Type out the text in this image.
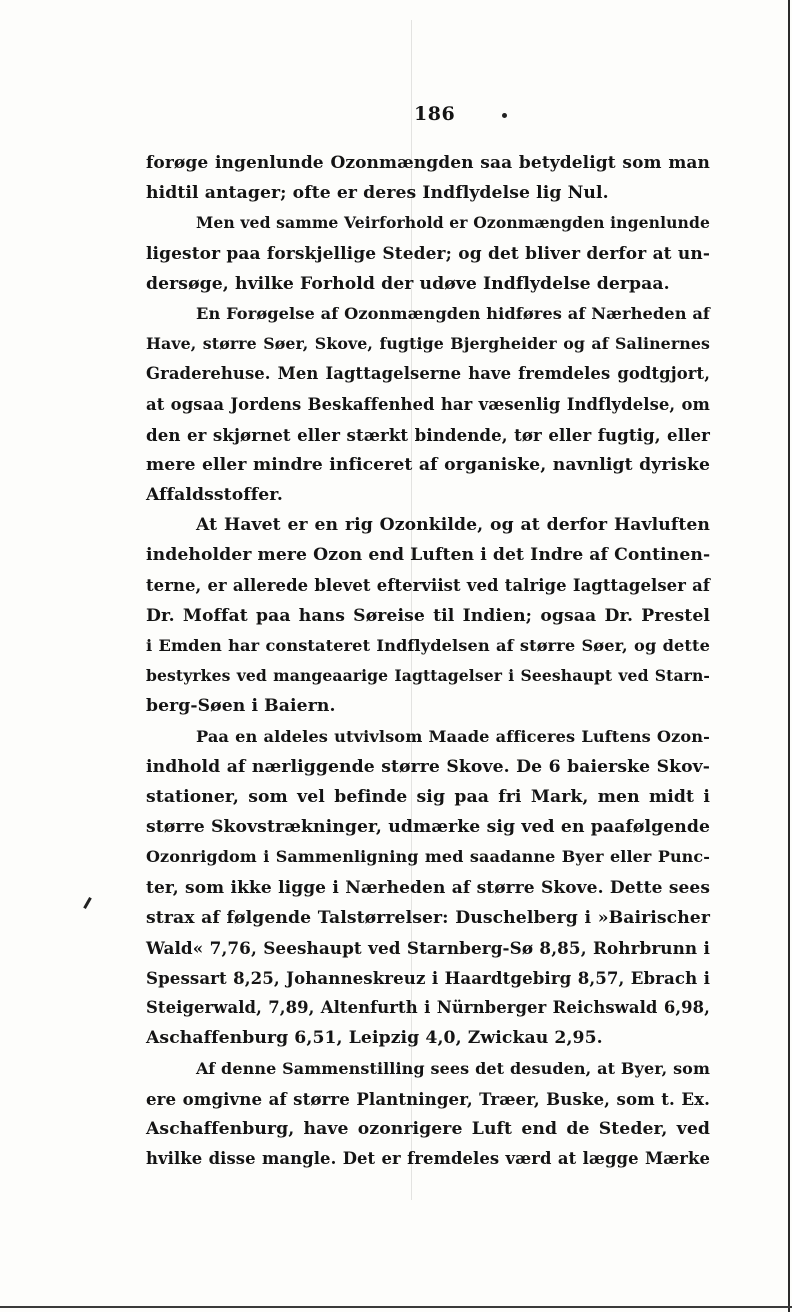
186
forøge ingenlunde Ozonmængden saa betydeligt som man
hidtil antager; ofte er deres Indflydelse lig Nul.
Men ved samme Veirforhold er Ozonmængden ingenlunde
ligestor paa forskjellige Steder; og det bliver derfor at un-
dersøge, hvilke Forhold der udøve Indflydelse derpaa.
En Forøgelse af Ozonmængden hidføres af Nærheden af
Have, større Søer, Skove, fugtige Bjergheider og af Salinernes
Graderehuse. Men Iagttagelserne have fremdeles godtgjort,
at ogsaa Jordens Beskaffenhed har væsenlig Indflydelse, om
den er skjørnet eller stærkt bindende, tør eller fugtig, eller
mere eller mindre inficeret af organiske, navnligt dyriske
Affaldsstoffer.
At Havet er en rig Ozonkilde, og at derfor Havluften
indeholder mere Ozon end Luften i det Indre af Continen-
terne, er allerede blevet efterviist ved talrige Iagttagelser af
Dr. Moffat paa hans Søreise til Indien; ogsaa Dr. Prestel
i Emden har constateret Indflydelsen af større Søer, og dette
bestyrkes ved mangeaarige Iagttagelser i Seeshaupt ved Starn-
berg-Søen i Baiern.
Paa en aldeles utvivlsom Maade afficeres Luftens Ozon-
indhold af nærliggende større Skove. De 6 baierske Skov-
stationer, som vel befinde sig paa fri Mark, men midt i
større Skovstrækninger, udmærke sig ved en paafølgende
Ozonrigdom i Sammenligning med saadanne Byer eller Punc-
ter, som ikke ligge i Nærheden af større Skove. Dette sees
strax af følgende Talstørrelser: Duschelberg i »Bairischer
Wald« 7,76, Seeshaupt ved Starnberg-Sø 8,85, Rohrbrunn i
Spessart 8,25, Johanneskreuz i Haardtgebirg 8,57, Ebrach i
Steigerwald, 7,89, Altenfurth i Nürnberger Reichswald 6,98,
Aschaffenburg 6,51, Leipzig 4,0, Zwickau 2,95.
Af denne Sammenstilling sees det desuden, at Byer, som
ere omgivne af større Plantninger, Træer, Buske, som t. Ex.
Aschaffenburg, have ozonrigere Luft end de Steder, ved
hvilke disse mangle. Det er fremdeles værd at lægge Mærke
